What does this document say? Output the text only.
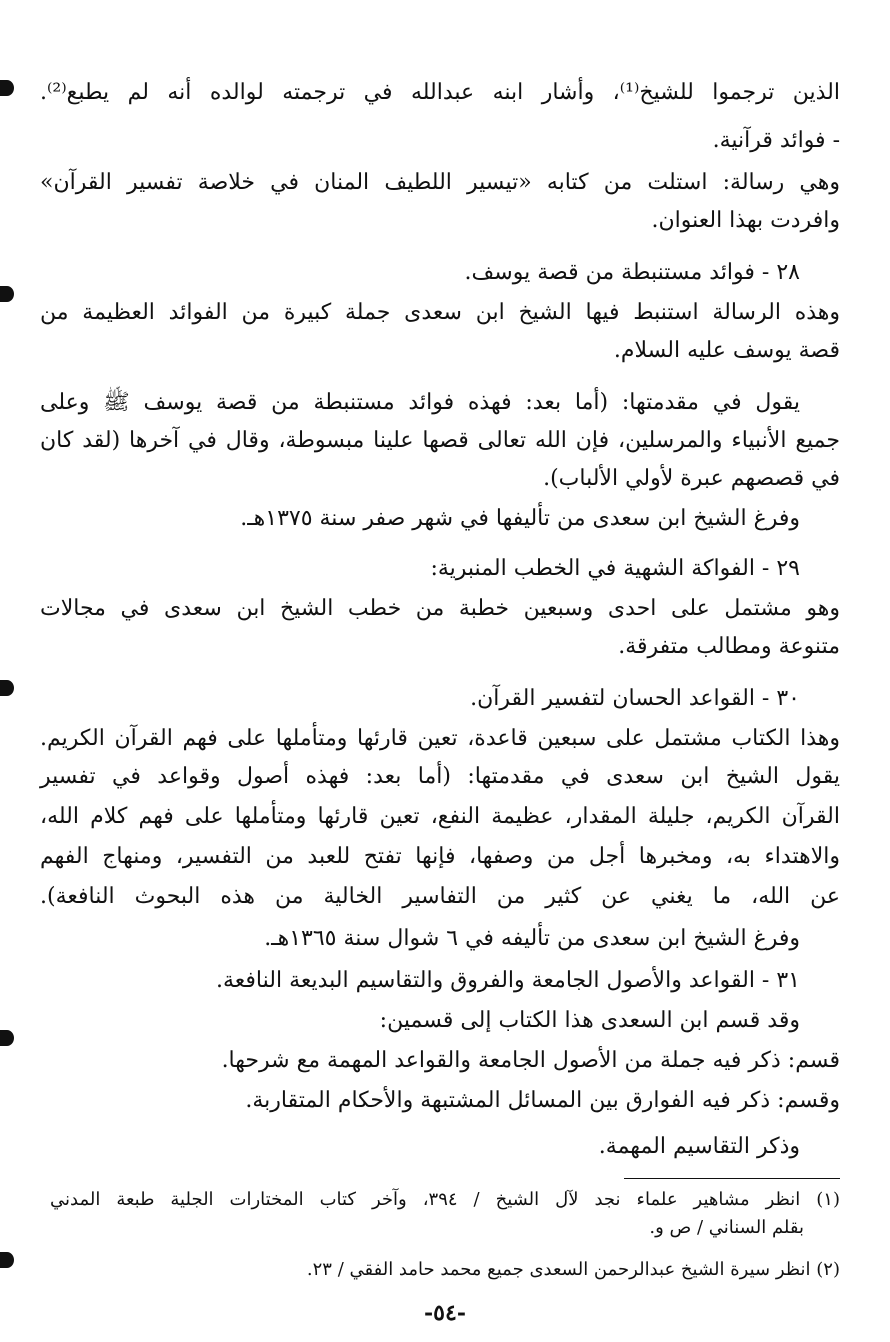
الذين ترجموا للشيخ⁽¹⁾، وأشار ابنه عبدالله في ترجمته لوالده أنه لم يطبع⁽²⁾.
- فوائد قرآنية.
وهي رسالة: استلت من كتابه «تيسير اللطيف المنان في خلاصة تفسير القرآن»
وافردت بهذا العنوان.
٢٨ - فوائد مستنبطة من قصة يوسف.
وهذه الرسالة استنبط فيها الشيخ ابن سعدى جملة كبيرة من الفوائد العظيمة من
قصة يوسف عليه السلام.
يقول في مقدمتها: (أما بعد: فهذه فوائد مستنبطة من قصة يوسف ﷺ وعلى
جميع الأنبياء والمرسلين، فإن الله تعالى قصها علينا مبسوطة، وقال في آخرها (لقد كان
في قصصهم عبرة لأولي الألباب).
وفرغ الشيخ ابن سعدى من تأليفها في شهر صفر سنة ١٣٧٥هـ.
٢٩ - الفواكة الشهية في الخطب المنبرية:
وهو مشتمل على احدى وسبعين خطبة من خطب الشيخ ابن سعدى في مجالات
متنوعة ومطالب متفرقة.
٣٠ - القواعد الحسان لتفسير القرآن.
وهذا الكتاب مشتمل على سبعين قاعدة، تعين قارئها ومتأملها على فهم القرآن الكريم.
يقول الشيخ ابن سعدى في مقدمتها: (أما بعد: فهذه أصول وقواعد في تفسير
القرآن الكريم، جليلة المقدار، عظيمة النفع، تعين قارئها ومتأملها على فهم كلام الله،
والاهتداء به، ومخبرها أجل من وصفها، فإنها تفتح للعبد من التفسير، ومنهاج الفهم
عن الله، ما يغني عن كثير من التفاسير الخالية من هذه البحوث النافعة).
وفرغ الشيخ ابن سعدى من تأليفه في ٦ شوال سنة ١٣٦٥هـ.
٣١ - القواعد والأصول الجامعة والفروق والتقاسيم البديعة النافعة.
وقد قسم ابن السعدى هذا الكتاب إلى قسمين:
قسم: ذكر فيه جملة من الأصول الجامعة والقواعد المهمة مع شرحها.
وقسم: ذكر فيه الفوارق بين المسائل المشتبهة والأحكام المتقاربة.
وذكر التقاسيم المهمة.
(١) انظر مشاهير علماء نجد لآل الشيخ / ٣٩٤، وآخر كتاب المختارات الجلية طبعة المدني
بقلم السناني / ص و.
(٢) انظر سيرة الشيخ عبدالرحمن السعدى جميع محمد حامد الفقي / ٢٣.
-٥٤-
